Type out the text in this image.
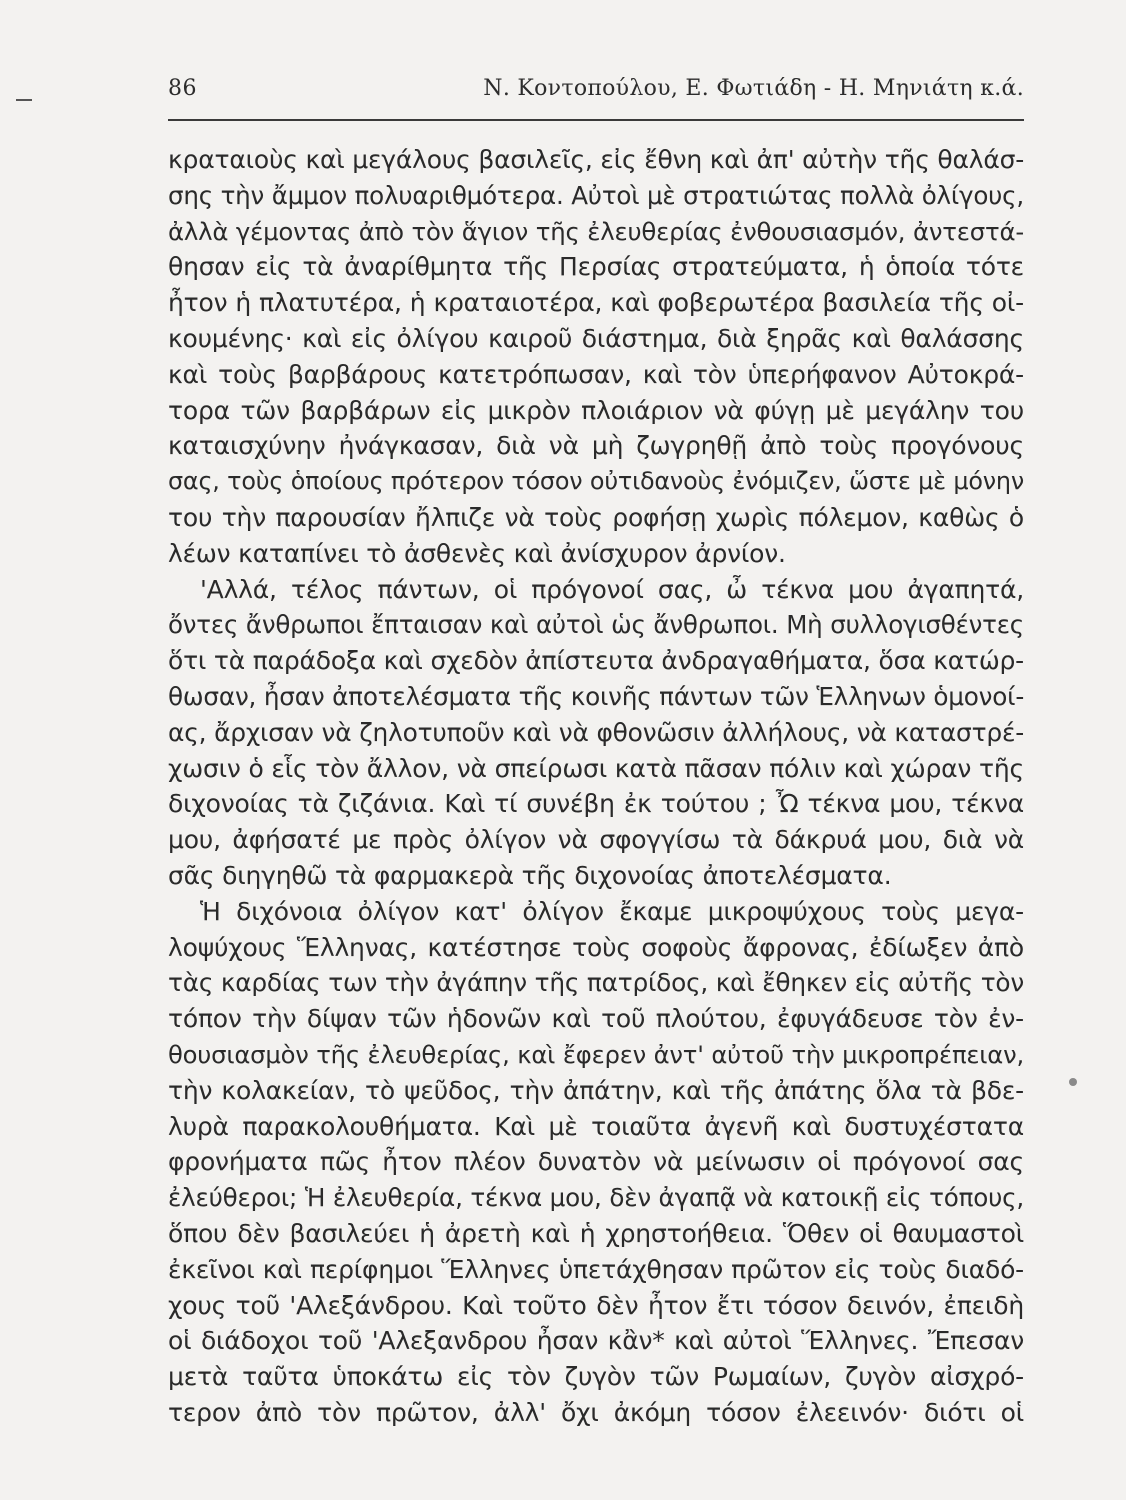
86	Ν. Κοντοπούλου, Ε. Φωτιάδη - Η. Μηνιάτη κ.ά.
κραταιοὺς καὶ μεγάλους βασιλεῖς, εἰς ἔθνη καὶ ἀπ' αὐτὴν τῆς θαλάσ-
σης τὴν ἄμμον πολυαριθμότερα. Αὐτοὶ μὲ στρατιώτας πολλὰ ὀλίγους,
ἀλλὰ γέμοντας ἀπὸ τὸν ἅγιον τῆς ἐλευθερίας ἐνθουσιασμόν, ἀντεστά-
θησαν εἰς τὰ ἀναρίθμητα τῆς Περσίας στρατεύματα, ἡ ὁποία τότε
ἦτον ἡ πλατυτέρα, ἡ κραταιοτέρα, καὶ φοβερωτέρα βασιλεία τῆς οἰ-
κουμένης· καὶ εἰς ὀλίγου καιροῦ διάστημα, διὰ ξηρᾶς καὶ θαλάσσης
καὶ τοὺς βαρβάρους κατετρόπωσαν, καὶ τὸν ὑπερήφανον Αὐτοκρά-
τορα τῶν βαρβάρων εἰς μικρὸν πλοιάριον νὰ φύγῃ μὲ μεγάλην του
καταισχύνην ἠνάγκασαν, διὰ νὰ μὴ ζωγρηθῇ ἀπὸ τοὺς προγόνους
σας, τοὺς ὁποίους πρότερον τόσον οὐτιδανοὺς ἐνόμιζεν, ὥστε μὲ μόνην
του τὴν παρουσίαν ἤλπιζε νὰ τοὺς ροφήσῃ χωρὶς πόλεμον, καθὼς ὁ
λέων καταπίνει τὸ ἀσθενὲς καὶ ἀνίσχυρον ἀρνίον.
'Αλλά, τέλος πάντων, οἱ πρόγονοί σας, ὦ τέκνα μου ἀγαπητά,
ὄντες ἄνθρωποι ἔπταισαν καὶ αὐτοὶ ὡς ἄνθρωποι. Μὴ συλλογισθέντες
ὅτι τὰ παράδοξα καὶ σχεδὸν ἀπίστευτα ἀνδραγαθήματα, ὅσα κατώρ-
θωσαν, ἦσαν ἀποτελέσματα τῆς κοινῆς πάντων τῶν Ἑλληνων ὁμονοί-
ας, ἄρχισαν νὰ ζηλοτυποῦν καὶ νὰ φθονῶσιν ἀλλήλους, νὰ καταστρέ-
χωσιν ὁ εἷς τὸν ἄλλον, νὰ σπείρωσι κατὰ πᾶσαν πόλιν καὶ χώραν τῆς
διχονοίας τὰ ζιζάνια. Καὶ τί συνέβη ἐκ τούτου ; Ὦ τέκνα μου, τέκνα
μου, ἀφήσατέ με πρὸς ὀλίγον νὰ σφογγίσω τὰ δάκρυά μου, διὰ νὰ
σᾶς διηγηθῶ τὰ φαρμακερὰ τῆς διχονοίας ἀποτελέσματα.
Ἡ διχόνοια ὀλίγον κατ' ὀλίγον ἔκαμε μικροψύχους τοὺς μεγα-
λοψύχους Ἕλληνας, κατέστησε τοὺς σοφοὺς ἄφρονας, ἐδίωξεν ἀπὸ
τὰς καρδίας των τὴν ἀγάπην τῆς πατρίδος, καὶ ἔθηκεν εἰς αὐτῆς τὸν
τόπον τὴν δίψαν τῶν ἡδονῶν καὶ τοῦ πλούτου, ἐφυγάδευσε τὸν ἐν-
θουσιασμὸν τῆς ἐλευθερίας, καὶ ἔφερεν ἀντ' αὐτοῦ τὴν μικροπρέπειαν,
τὴν κολακείαν, τὸ ψεῦδος, τὴν ἀπάτην, καὶ τῆς ἀπάτης ὅλα τὰ βδε-
λυρὰ παρακολουθήματα. Καὶ μὲ τοιαῦτα ἀγενῆ καὶ δυστυχέστατα
φρονήματα πῶς ἦτον πλέον δυνατὸν νὰ μείνωσιν οἱ πρόγονοί σας
ἐλεύθεροι; Ἡ ἐλευθερία, τέκνα μου, δὲν ἀγαπᾷ νὰ κατοικῇ εἰς τόπους,
ὅπου δὲν βασιλεύει ἡ ἀρετὴ καὶ ἡ χρηστοήθεια. Ὅθεν οἱ θαυμαστοὶ
ἐκεῖνοι καὶ περίφημοι Ἕλληνες ὑπετάχθησαν πρῶτον εἰς τοὺς διαδό-
χους τοῦ 'Αλεξάνδρου. Καὶ τοῦτο δὲν ἦτον ἔτι τόσον δεινόν, ἐπειδὴ
οἱ διάδοχοι τοῦ 'Αλεξανδρου ἦσαν κἂν* καὶ αὐτοὶ Ἕλληνες. Ἔπεσαν
μετὰ ταῦτα ὑποκάτω εἰς τὸν ζυγὸν τῶν Ρωμαίων, ζυγὸν αἰσχρό-
τερον ἀπὸ τὸν πρῶτον, ἀλλ' ὄχι ἀκόμη τόσον ἐλεεινόν· διότι οἱ
